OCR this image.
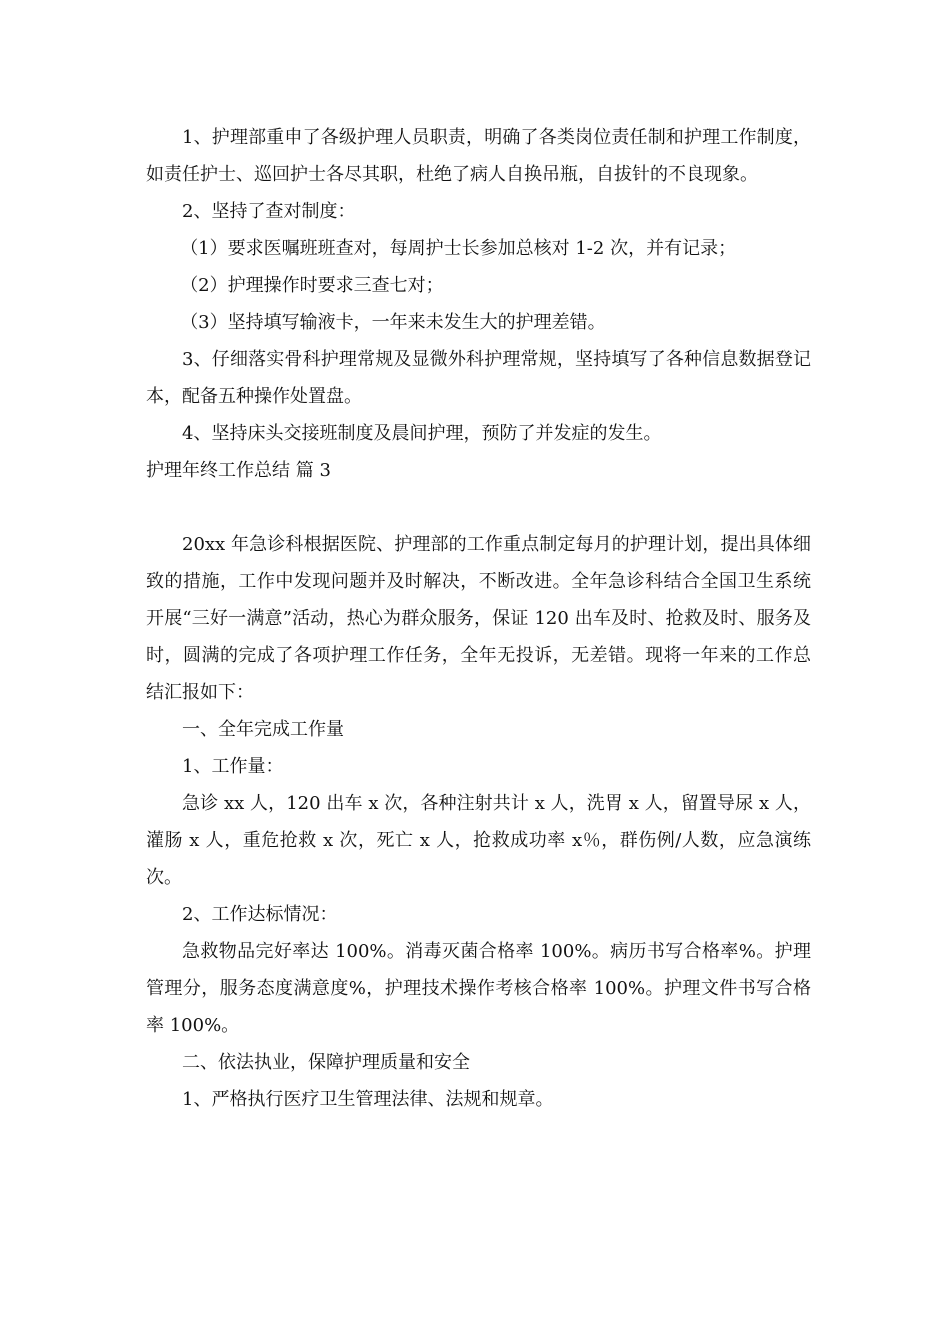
1、护理部重申了各级护理人员职责，明确了各类岗位责任制和护理工作制度，如责任护士、巡回护士各尽其职，杜绝了病人自换吊瓶，自拔针的不良现象。

2、坚持了查对制度：

（1）要求医嘱班班查对，每周护士长参加总核对 1-2 次，并有记录；

（2）护理操作时要求三查七对；

（3）坚持填写输液卡，一年来未发生大的护理差错。

3、仔细落实骨科护理常规及显微外科护理常规，坚持填写了各种信息数据登记本，配备五种操作处置盘。

4、坚持床头交接班制度及晨间护理，预防了并发症的发生。

护理年终工作总结 篇 3

20xx 年急诊科根据医院、护理部的工作重点制定每月的护理计划，提出具体细致的措施，工作中发现问题并及时解决，不断改进。全年急诊科结合全国卫生系统开展“三好一满意”活动，热心为群众服务，保证 120 出车及时、抢救及时、服务及时，圆满的完成了各项护理工作任务，全年无投诉，无差错。现将一年来的工作总结汇报如下：

一、全年完成工作量

1、工作量：

急诊 xx 人，120 出车 x 次，各种注射共计 x 人，洗胃 x 人，留置导尿 x 人，灌肠 x 人，重危抢救 x 次，死亡 x 人，抢救成功率 x％，群伤例/人数，应急演练次。

2、工作达标情况：

急救物品完好率达 100%。消毒灭菌合格率 100%。病历书写合格率%。护理管理分，服务态度满意度%，护理技术操作考核合格率 100%。护理文件书写合格率 100%。

二、依法执业，保障护理质量和安全

1、严格执行医疗卫生管理法律、法规和规章。
